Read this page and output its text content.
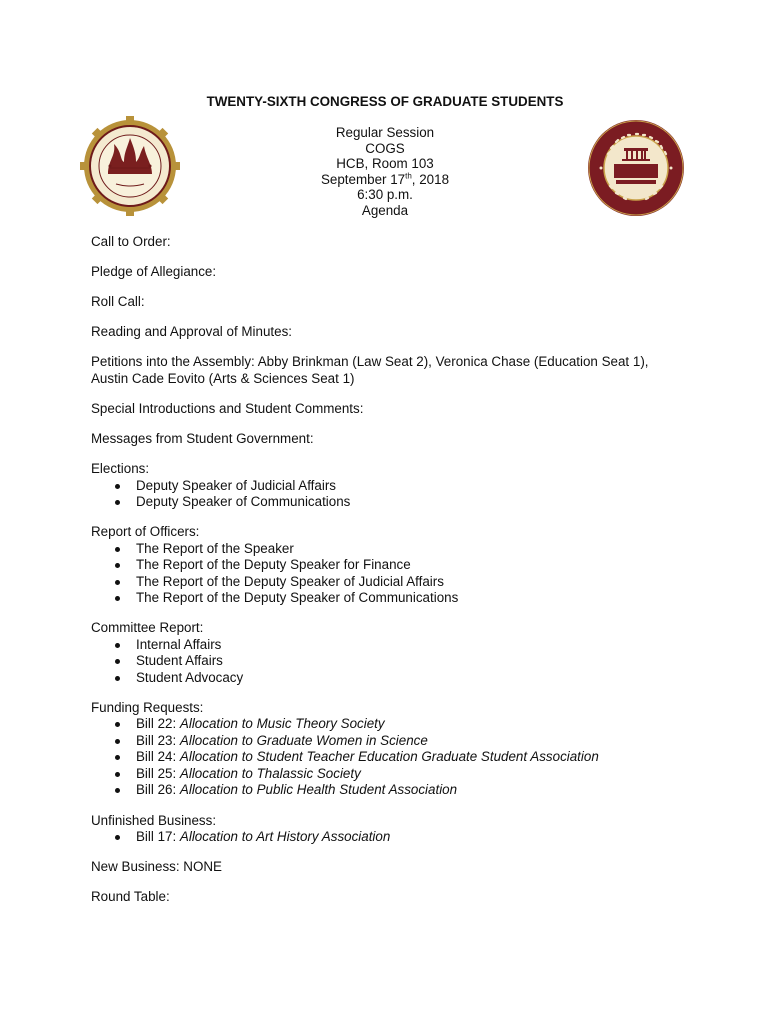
TWENTY-SIXTH CONGRESS OF GRADUATE STUDENTS
Regular Session
COGS
HCB, Room 103
September 17th, 2018
6:30 p.m.
Agenda

Call to Order:

Pledge of Allegiance:

Roll Call:

Reading and Approval of Minutes:

Petitions into the Assembly: Abby Brinkman (Law Seat 2), Veronica Chase (Education Seat 1),

Austin Cade Eovito (Arts & Sciences Seat 1)

Special Introductions and Student Comments:

Messages from Student Government:

Elections:

Deputy Speaker of Judicial Affairs
Deputy Speaker of Communications

Report of Officers:

The Report of the Speaker
The Report of the Deputy Speaker for Finance
The Report of the Deputy Speaker of Judicial Affairs
The Report of the Deputy Speaker of Communications

Committee Report:

Internal Affairs
Student Affairs
Student Advocacy

Funding Requests:

Bill 22: Allocation to Music Theory Society
Bill 23: Allocation to Graduate Women in Science
Bill 24: Allocation to Student Teacher Education Graduate Student Association
Bill 25: Allocation to Thalassic Society
Bill 26: Allocation to Public Health Student Association

Unfinished Business:

Bill 17: Allocation to Art History Association

New Business: NONE

Round Table:
